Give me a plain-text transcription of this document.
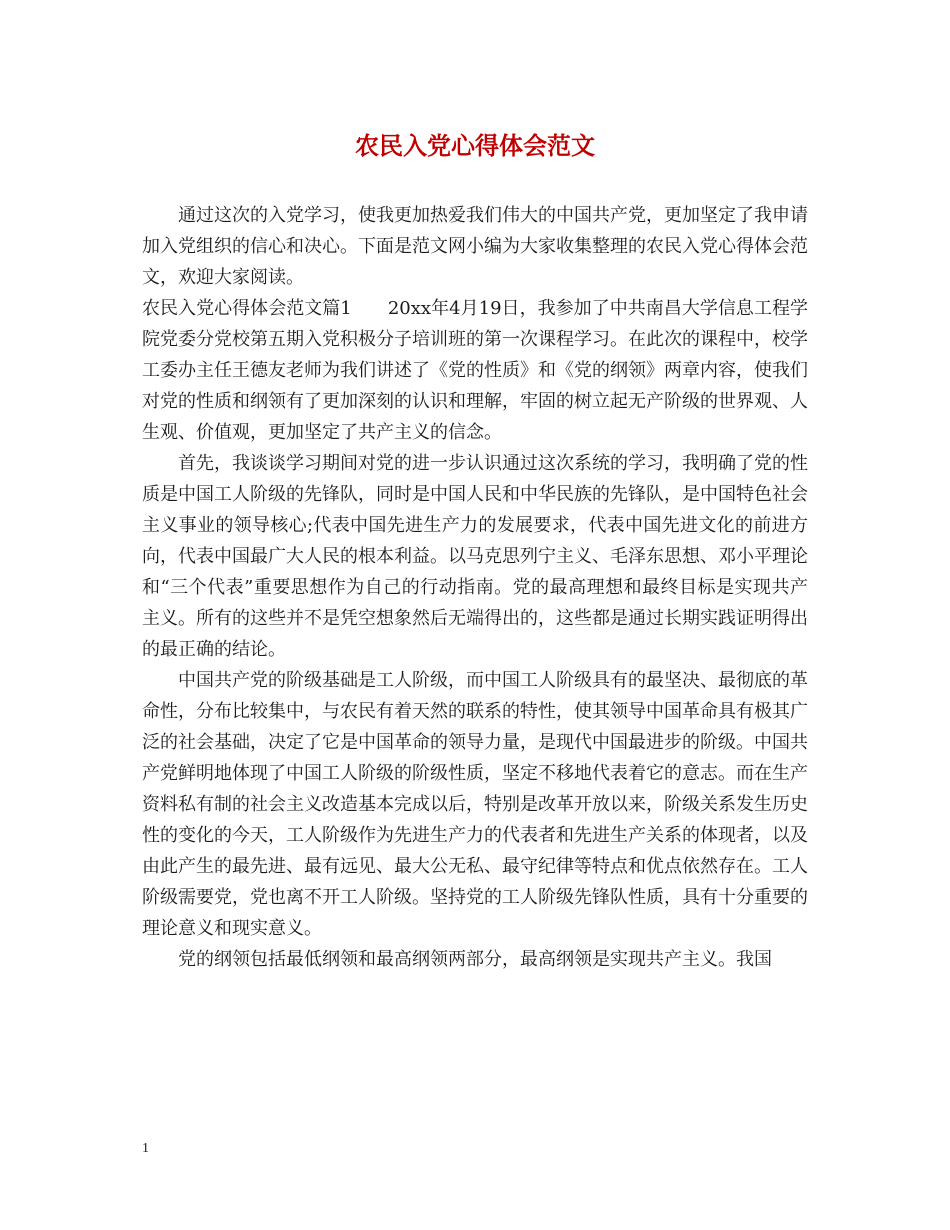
农民入党心得体会范文

通过这次的入党学习，使我更加热爱我们伟大的中国共产党，更加坚定了我申请加入党组织的信心和决心。下面是范文网小编为大家收集整理的农民入党心得体会范文，欢迎大家阅读。

农民入党心得体会范文篇1　　20xx年4月19日，我参加了中共南昌大学信息工程学院党委分党校第五期入党积极分子培训班的第一次课程学习。在此次的课程中，校学工委办主任王德友老师为我们讲述了《党的性质》和《党的纲领》两章内容，使我们对党的性质和纲领有了更加深刻的认识和理解，牢固的树立起无产阶级的世界观、人生观、价值观，更加坚定了共产主义的信念。

首先，我谈谈学习期间对党的进一步认识通过这次系统的学习，我明确了党的性质是中国工人阶级的先锋队，同时是中国人民和中华民族的先锋队，是中国特色社会主义事业的领导核心;代表中国先进生产力的发展要求，代表中国先进文化的前进方向，代表中国最广大人民的根本利益。以马克思列宁主义、毛泽东思想、邓小平理论和“三个代表”重要思想作为自己的行动指南。党的最高理想和最终目标是实现共产主义。所有的这些并不是凭空想象然后无端得出的，这些都是通过长期实践证明得出的最正确的结论。

中国共产党的阶级基础是工人阶级，而中国工人阶级具有的最坚决、最彻底的革命性，分布比较集中，与农民有着天然的联系的特性，使其领导中国革命具有极其广泛的社会基础，决定了它是中国革命的领导力量，是现代中国最进步的阶级。中国共产党鲜明地体现了中国工人阶级的阶级性质，坚定不移地代表着它的意志。而在生产资料私有制的社会主义改造基本完成以后，特别是改革开放以来，阶级关系发生历史性的变化的今天，工人阶级作为先进生产力的代表者和先进生产关系的体现者，以及由此产生的最先进、最有远见、最大公无私、最守纪律等特点和优点依然存在。工人阶级需要党，党也离不开工人阶级。坚持党的工人阶级先锋队性质，具有十分重要的理论意义和现实意义。

党的纲领包括最低纲领和最高纲领两部分，最高纲领是实现共产主义。我国

1
